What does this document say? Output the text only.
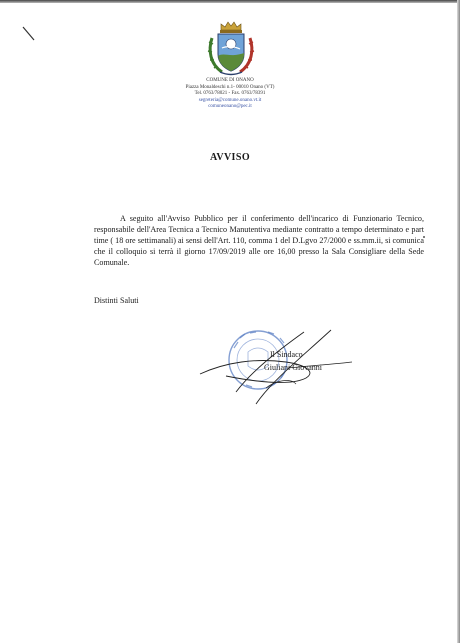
COMUNE DI ONANO
Piazza Monaldeschi n.1- 00010 Onano (VT)
Tel. 0763/78021 - Fax. 0763/78391
segreteria@comune.onano.vt.it
comuneonano@pec.it
AVVISO
A seguito all'Avviso Pubblico per il conferimento dell'incarico di Funzionario Tecnico, responsabile dell'Area Tecnica a Tecnico Manutentiva mediante contratto a tempo determinato e part time ( 18 ore settimanali) ai sensi dell'Art. 110, comma 1 del D.Lgvo 27/2000 e ss.mm.ii, si comunica che il colloquio si terrà il giorno 17/09/2019 alle ore 16,00 presso la Sala Consigliare della Sede Comunale.
Distinti Saluti
Il Sindaco
Giuliani Giovanni
